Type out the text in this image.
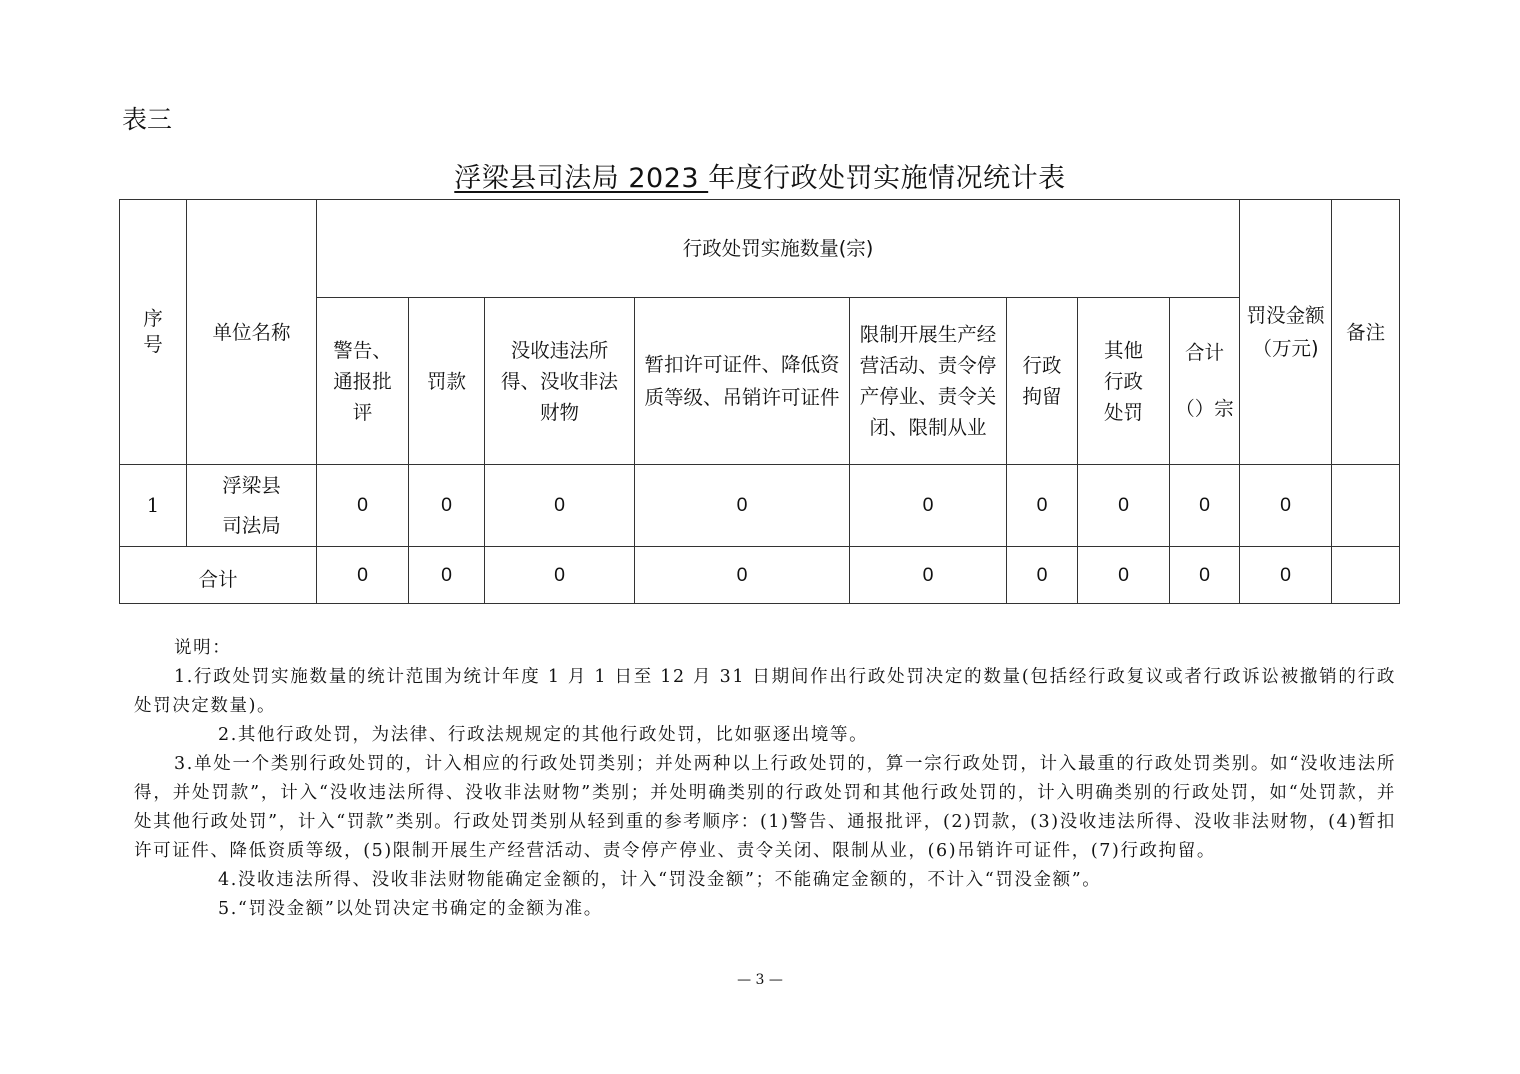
表三
浮梁县司法局 2023 年度行政处罚实施情况统计表
序号	单位名称	行政处罚实施数量(宗)								罚没金额（万元)	备注

		警告、通报批评	罚款	没收违法所得、没收非法财物	暂扣许可证件、降低资质等级、吊销许可证件	限制开展生产经营活动、责令停产停业、责令关闭、限制从业	行政拘留	其他行政处罚	合计（）宗		

1	浮梁县司法局	0	0	0	0	0	0	0	0	0	
合计		0	0	0	0	0	0	0	0	0	

说明：

1.行政处罚实施数量的统计范围为统计年度 1 月 1 日至 12 月 31 日期间作出行政处罚决定的数量(包括经行政复议或者行政诉讼被撤销的行政处罚决定数量)。

2.其他行政处罚，为法律、行政法规规定的其他行政处罚，比如驱逐出境等。

3.单处一个类别行政处罚的，计入相应的行政处罚类别；并处两种以上行政处罚的，算一宗行政处罚，计入最重的行政处罚类别。如“没收违法所得，并处罚款”，计入“没收违法所得、没收非法财物”类别；并处明确类别的行政处罚和其他行政处罚的，计入明确类别的行政处罚，如“处罚款，并处其他行政处罚”，计入“罚款”类别。行政处罚类别从轻到重的参考顺序：(1)警告、通报批评，(2)罚款，(3)没收违法所得、没收非法财物，(4)暂扣许可证件、降低资质等级，(5)限制开展生产经营活动、责令停产停业、责令关闭、限制从业，(6)吊销许可证件，(7)行政拘留。

4.没收违法所得、没收非法财物能确定金额的，计入“罚没金额”；不能确定金额的，不计入“罚没金额”。

5.“罚没金额”以处罚决定书确定的金额为准。

— 3 —
